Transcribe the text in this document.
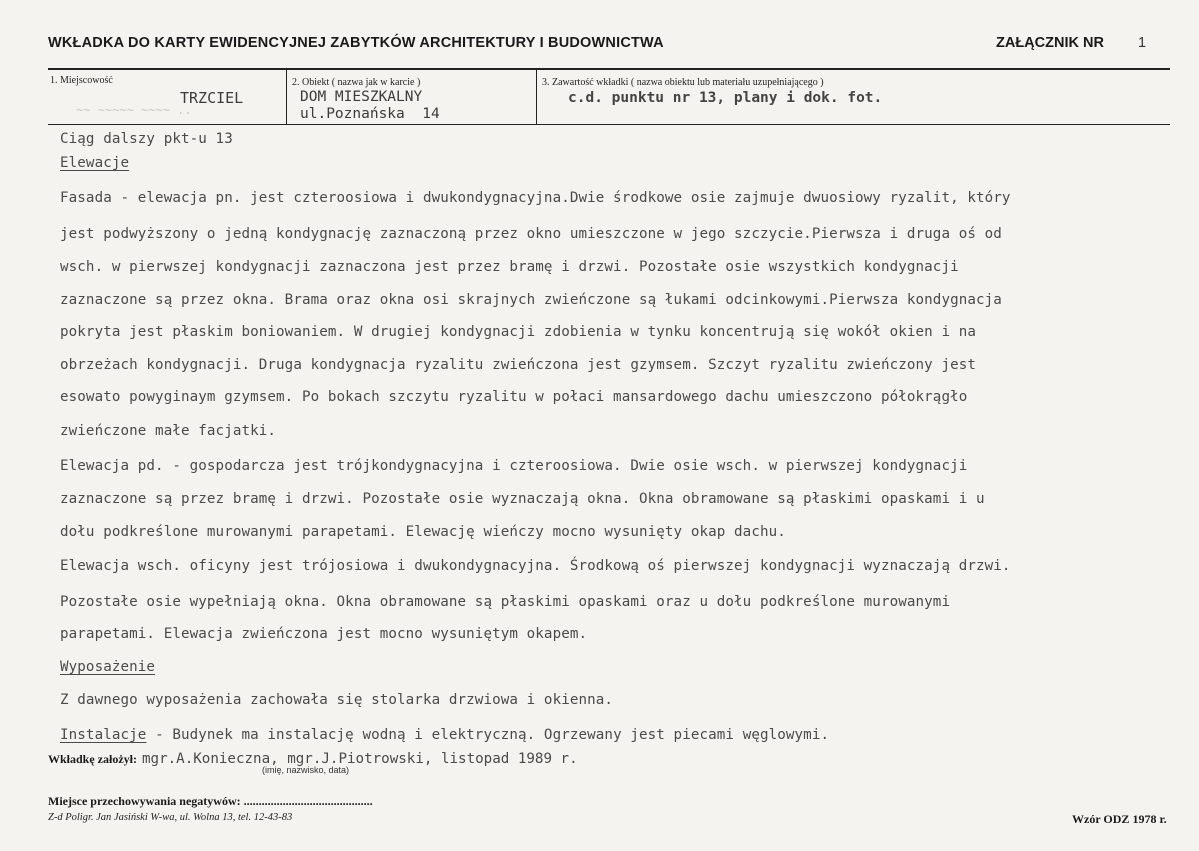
WKŁADKA DO KARTY EWIDENCYJNEJ ZABYTKÓW ARCHITEKTURY I BUDOWNICTWA	ZAŁĄCZNIK NR 1
1. Miejscowość
~~ ~~~~~ ~~~~ ..
TRZCIEL
2. Obiekt ( nazwa jak w karcie )
DOM MIESZKALNY
ul.Poznańska  14
3. Zawartość wkładki ( nazwa obiektu lub materiału uzupełniającego )
c.d. punktu nr 13, plany i dok. fot.
Ciąg dalszy pkt-u 13
Elewacje
Fasada - elewacja pn. jest czteroosiowa i dwukondygnacyjna.Dwie środkowe osie zajmuje dwuosiowy ryzalit, który
jest podwyższony o jedną kondygnację zaznaczoną przez okno umieszczone w jego szczycie.Pierwsza i druga oś od
wsch. w pierwszej kondygnacji zaznaczona jest przez bramę i drzwi. Pozostałe osie wszystkich kondygnacji
zaznaczone są przez okna. Brama oraz okna osi skrajnych zwieńczone są łukami odcinkowymi.Pierwsza kondygnacja
pokryta jest płaskim boniowaniem. W drugiej kondygnacji zdobienia w tynku koncentrują się wokół okien i na
obrzeżach kondygnacji. Druga kondygnacja ryzalitu zwieńczona jest gzymsem. Szczyt ryzalitu zwieńczony jest
esowato powyginaym gzymsem. Po bokach szczytu ryzalitu w połaci mansardowego dachu umieszczono półokrągło
zwieńczone małe facjatki.
Elewacja pd. - gospodarcza jest trójkondygnacyjna i czteroosiowa. Dwie osie wsch. w pierwszej kondygnacji
zaznaczone są przez bramę i drzwi. Pozostałe osie wyznaczają okna. Okna obramowane są płaskimi opaskami i u
dołu podkreślone murowanymi parapetami. Elewację wieńczy mocno wysunięty okap dachu.
Elewacja wsch. oficyny jest trójosiowa i dwukondygnacyjna. Środkową oś pierwszej kondygnacji wyznaczają drzwi.
Pozostałe osie wypełniają okna. Okna obramowane są płaskimi opaskami oraz u dołu podkreślone murowanymi
parapetami. Elewacja zwieńczona jest mocno wysuniętym okapem.
Wyposażenie
Z dawnego wyposażenia zachowała się stolarka drzwiowa i okienna.
Instalacje - Budynek ma instalację wodną i elektryczną. Ogrzewany jest piecami węglowymi.
Wkładkę założył: mgr.A.Konieczna, mgr.J.Piotrowski, listopad 1989 r.
(imię, nazwisko, data)
Miejsce przechowywania negatywów: ...........................................
Z-d Poligr. Jan Jasiński W-wa, ul. Wolna 13, tel. 12-43-83	Wzór ODZ 1978 r.
